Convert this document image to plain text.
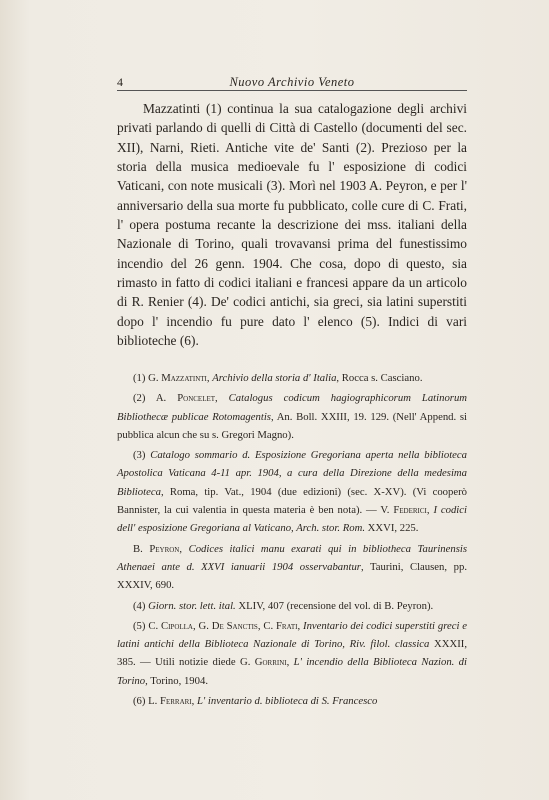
4	Nuovo Archivio Veneto

Mazzatinti (1) continua la sua catalogazione degli archivi privati parlando di quelli di Città di Castello (documenti del sec. XII), Narni, Rieti. Antiche vite de' Santi (2). Prezioso per la storia della musica medioevale fu l' esposizione di codici Vaticani, con note musicali (3). Morì nel 1903 A. Peyron, e per l' anniversario della sua morte fu pubblicato, colle cure di C. Frati, l' opera postuma recante la descrizione dei mss. italiani della Nazionale di Torino, quali trovavansi prima del funestissimo incendio del 26 genn. 1904. Che cosa, dopo di questo, sia rimasto in fatto di codici italiani e francesi appare da un articolo di R. Renier (4). De' codici antichi, sia greci, sia latini superstiti dopo l' incendio fu pure dato l' elenco (5). Indici di vari biblioteche (6).

(1) G. Mazzatinti, Archivio della storia d' Italia, Rocca s. Casciano.

(2) A. Poncelet, Catalogus codicum hagiographicorum Latinorum Bibliothecæ publicae Rotomagentis, An. Boll. XXIII, 19. 129. (Nell' Append. si pubblica alcun che su s. Gregori Magno).

(3) Catalogo sommario d. Esposizione Gregoriana aperta nella biblioteca Apostolica Vaticana 4-11 apr. 1904, a cura della Direzione della medesima Biblioteca, Roma, tip. Vat., 1904 (due edizioni) (sec. X-XV). (Vi cooperò Bannister, la cui valentia in questa materia è ben nota). — V. Federici, I codici dell' esposizione Gregoriana al Vaticano, Arch. stor. Rom. XXVI, 225.

B. Peyron, Codices italici manu exarati qui in bibliotheca Taurinensis Athenaei ante d. XXVI ianuarii 1904 osservabantur, Taurini, Clausen, pp. XXXIV, 690.

(4) Giorn. stor. lett. ital. XLIV, 407 (recensione del vol. di B. Peyron).

(5) C. Cipolla, G. De Sanctis, C. Frati, Inventario dei codici superstiti greci e latini antichi della Biblioteca Nazionale di Torino, Riv. filol. classica XXXII, 385. — Utili notizie diede G. Gorrini, L' incendio della Biblioteca Nazion. di Torino, Torino, 1904.

(6) L. Ferrari, L' inventario d. biblioteca di S. Francesco
